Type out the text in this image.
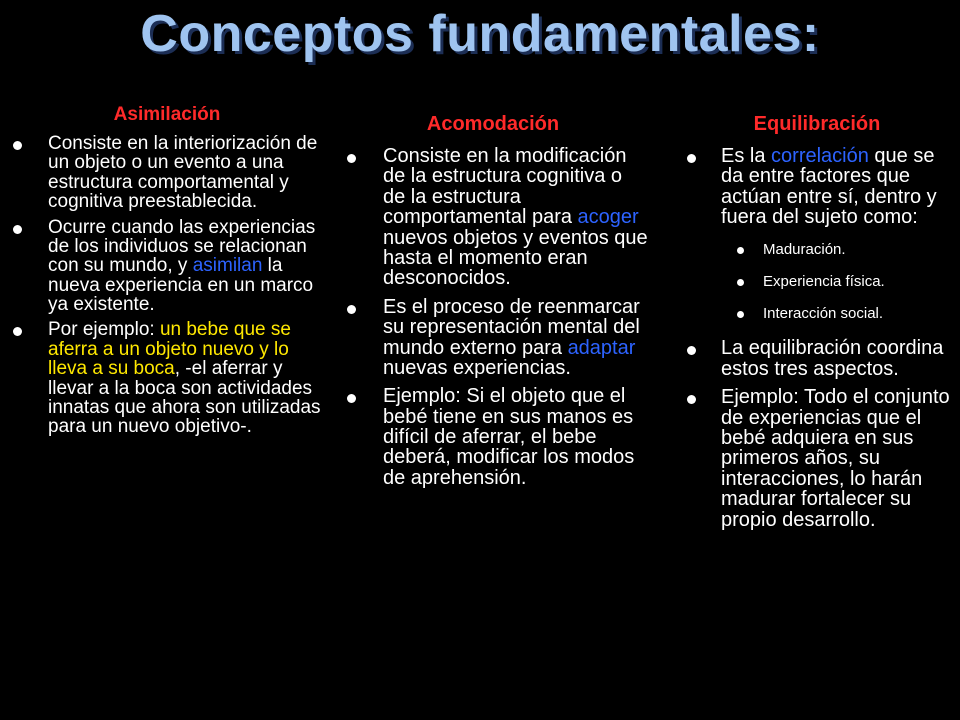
Conceptos fundamentales:
Asimilación
Consiste en la interiorización de un objeto o un evento a una estructura comportamental y cognitiva preestablecida.
Ocurre cuando las experiencias de los individuos se relacionan con su mundo, y asimilan la nueva experiencia en un marco ya existente.
Por ejemplo: un bebe que se aferra a un objeto nuevo y lo lleva a su boca, -el aferrar y llevar a la boca son actividades innatas que ahora son utilizadas para un nuevo objetivo-.
Acomodación
Consiste en la modificación de la estructura cognitiva o de la estructura comportamental para acoger nuevos objetos y eventos que hasta el momento eran desconocidos.
Es el proceso de reenmarcar su representación mental del mundo externo para adaptar nuevas experiencias.
Ejemplo: Si el objeto que el bebé tiene en sus manos es difícil de aferrar, el bebe deberá, modificar los modos de aprehensión.
Equilibración
Es la correlación que se da entre factores que actúan entre sí, dentro y fuera del sujeto como:
Maduración.
Experiencia física.
Interacción social.
La equilibración coordina estos tres aspectos.
Ejemplo: Todo el conjunto de experiencias que el bebé adquiera en sus primeros años, su interacciones, lo harán madurar fortalecer su propio desarrollo.
